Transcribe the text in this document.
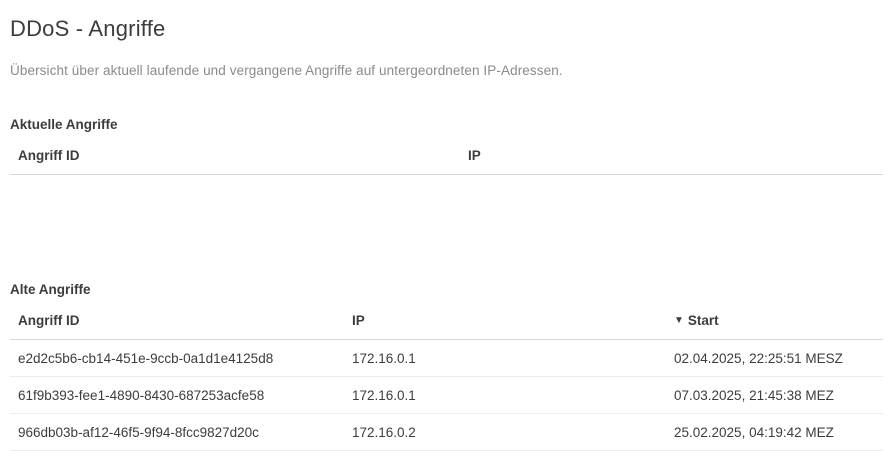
DDoS - Angriffe

Übersicht über aktuell laufende und vergangene Angriffe auf untergeordneten IP-Adressen.

Aktuelle Angriffe
Angriff ID	IP

Alte Angriffe
Angriff ID	IP	▼ Start
e2d2c5b6-cb14-451e-9ccb-0a1d1e4125d8	172.16.0.1	02.04.2025, 22:25:51 MESZ
61f9b393-fee1-4890-8430-687253acfe58	172.16.0.1	07.03.2025, 21:45:38 MEZ
966db03b-af12-46f5-9f94-8fcc9827d20c	172.16.0.2	25.02.2025, 04:19:42 MEZ
